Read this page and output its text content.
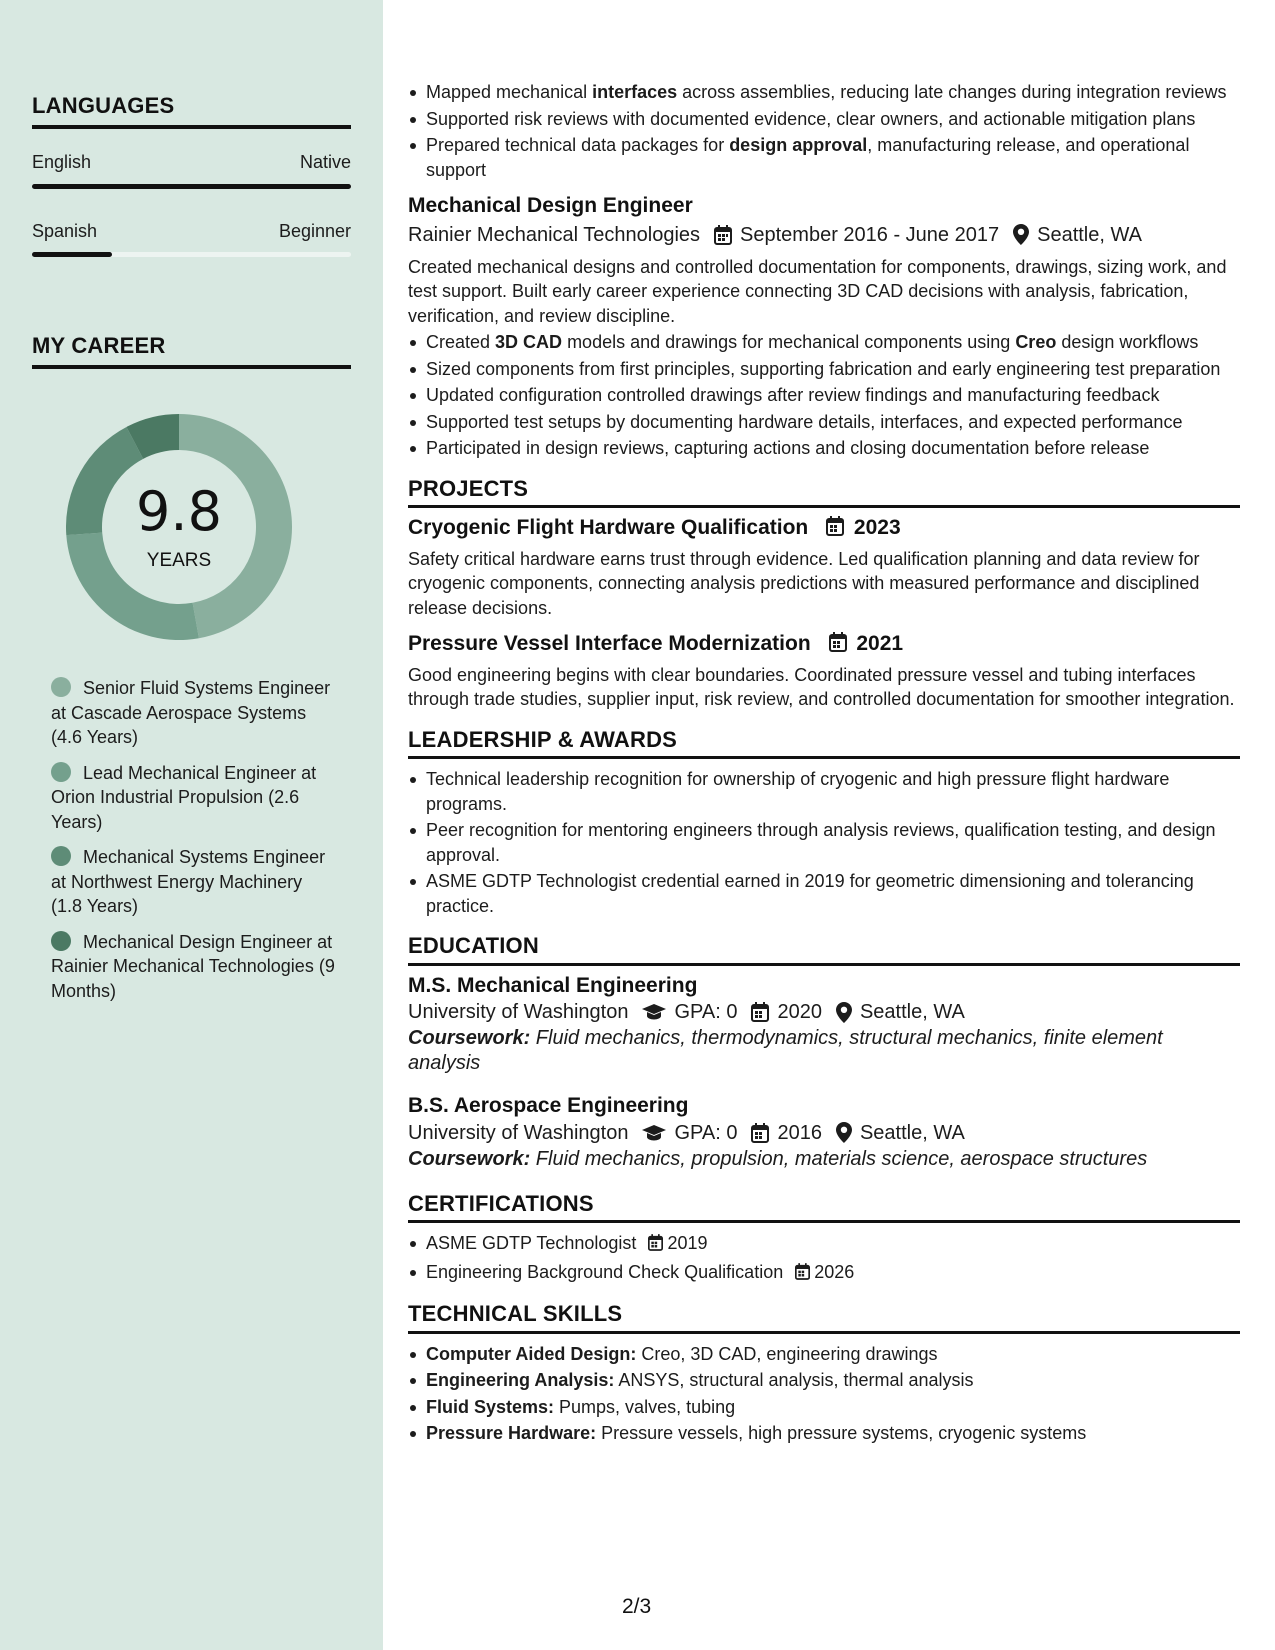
LANGUAGES
English	Native
Spanish	Beginner
MY CAREER
9.8
YEARS
Senior Fluid Systems Engineer at Cascade Aerospace Systems (4.6 Years)
Lead Mechanical Engineer at Orion Industrial Propulsion (2.6 Years)
Mechanical Systems Engineer at Northwest Energy Machinery (1.8 Years)
Mechanical Design Engineer at Rainier Mechanical Technologies (9 Months)
Mapped mechanical interfaces across assemblies, reducing late changes during integration reviews
Supported risk reviews with documented evidence, clear owners, and actionable mitigation plans
Prepared technical data packages for design approval, manufacturing release, and operational support
Mechanical Design Engineer
Rainier Mechanical Technologies September 2016 - June 2017 Seattle, WA
Created mechanical designs and controlled documentation for components, drawings, sizing work, and test support. Built early career experience connecting 3D CAD decisions with analysis, fabrication, verification, and review discipline.
Created 3D CAD models and drawings for mechanical components using Creo design workflows
Sized components from first principles, supporting fabrication and early engineering test preparation
Updated configuration controlled drawings after review findings and manufacturing feedback
Supported test setups by documenting hardware details, interfaces, and expected performance
Participated in design reviews, capturing actions and closing documentation before release
PROJECTS
Cryogenic Flight Hardware Qualification 2023
Safety critical hardware earns trust through evidence. Led qualification planning and data review for cryogenic components, connecting analysis predictions with measured performance and disciplined release decisions.
Pressure Vessel Interface Modernization 2021
Good engineering begins with clear boundaries. Coordinated pressure vessel and tubing interfaces through trade studies, supplier input, risk review, and controlled documentation for smoother integration.
LEADERSHIP & AWARDS
Technical leadership recognition for ownership of cryogenic and high pressure flight hardware programs.
Peer recognition for mentoring engineers through analysis reviews, qualification testing, and design approval.
ASME GDTP Technologist credential earned in 2019 for geometric dimensioning and tolerancing practice.
EDUCATION
M.S. Mechanical Engineering
University of Washington GPA: 0 2020 Seattle, WA
Coursework: Fluid mechanics, thermodynamics, structural mechanics, finite element analysis
B.S. Aerospace Engineering
University of Washington GPA: 0 2016 Seattle, WA
Coursework: Fluid mechanics, propulsion, materials science, aerospace structures
CERTIFICATIONS
ASME GDTP Technologist 2019
Engineering Background Check Qualification 2026
TECHNICAL SKILLS
Computer Aided Design: Creo, 3D CAD, engineering drawings
Engineering Analysis: ANSYS, structural analysis, thermal analysis
Fluid Systems: Pumps, valves, tubing
Pressure Hardware: Pressure vessels, high pressure systems, cryogenic systems
2/3
